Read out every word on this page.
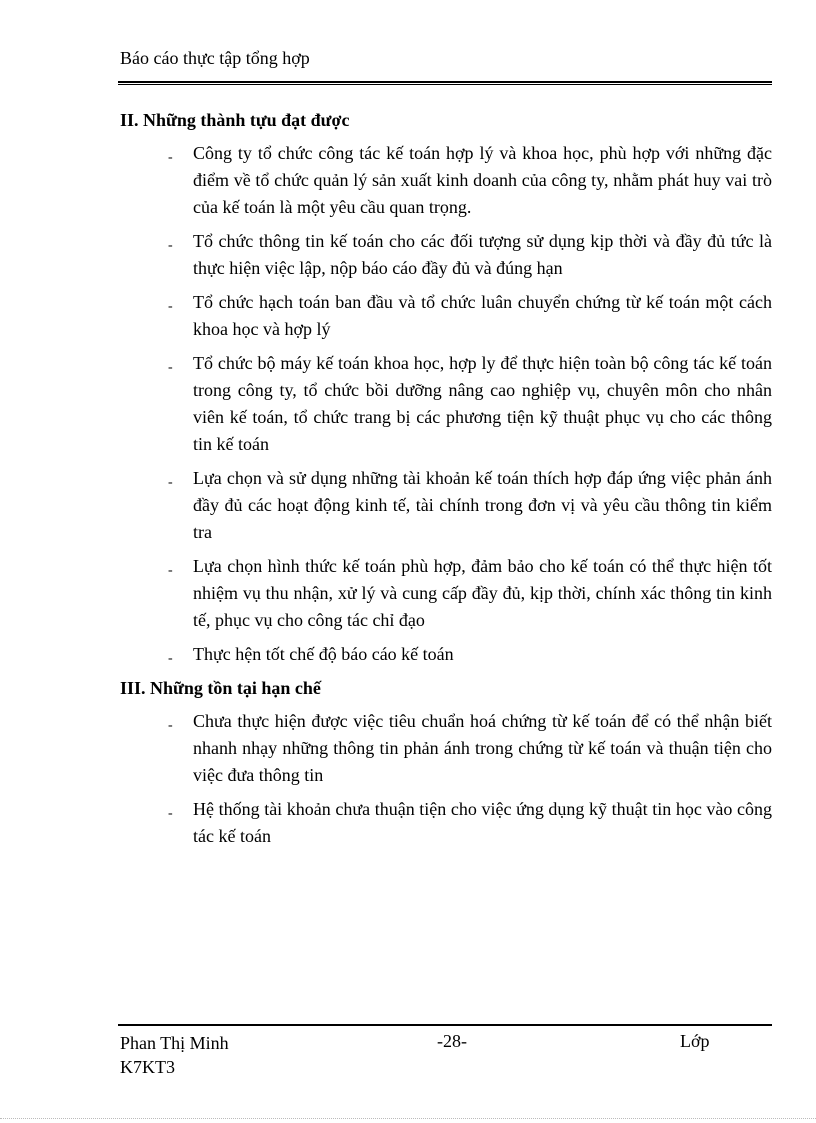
Báo cáo thực tập tổng hợp
II. Những thành tựu đạt được
- Công ty tổ chức công tác kế toán hợp lý và khoa học, phù hợp với những đặc điểm về tổ chức quản lý sản xuất kinh doanh của công ty, nhằm phát huy vai trò của kế toán là một yêu cầu quan trọng.
- Tổ chức thông tin kế toán cho các đối tượng sử dụng kịp thời và đầy đủ tức là thực hiện việc lập, nộp báo cáo đầy đủ và đúng hạn
- Tổ chức hạch toán ban đầu và tổ chức luân chuyển chứng từ kế toán một cách khoa học và hợp lý
- Tổ chức bộ máy kế toán khoa học, hợp ly để thực hiện toàn bộ công tác kế toán trong công ty, tổ chức bồi dưỡng nâng cao nghiệp vụ, chuyên môn cho nhân viên kế toán, tổ chức trang bị các phương tiện kỹ thuật phục vụ cho các thông tin kế toán
- Lựa chọn và sử dụng những tài khoản kế toán thích hợp đáp ứng việc phản ánh đầy đủ các hoạt động kinh tế, tài chính trong đơn vị và yêu cầu thông tin kiểm tra
- Lựa chọn hình thức kế toán phù hợp, đảm bảo cho kế toán có thể thực hiện tốt nhiệm vụ thu nhận, xử lý và cung cấp đầy đủ, kịp thời, chính xác thông tin kinh tế, phục vụ cho công tác chỉ đạo
- Thực hện tốt chế độ báo cáo kế toán
III. Những tồn tại hạn chế
- Chưa thực hiện được việc tiêu chuẩn hoá chứng từ kế toán để có thể nhận biết nhanh nhạy những thông tin phản ánh trong chứng từ kế toán và thuận tiện cho việc đưa thông tin
- Hệ thống tài khoản chưa thuận tiện cho việc ứng dụng kỹ thuật tin học vào công tác kế toán
Phan Thị Minh
K7KT3
-28-	Lớp
